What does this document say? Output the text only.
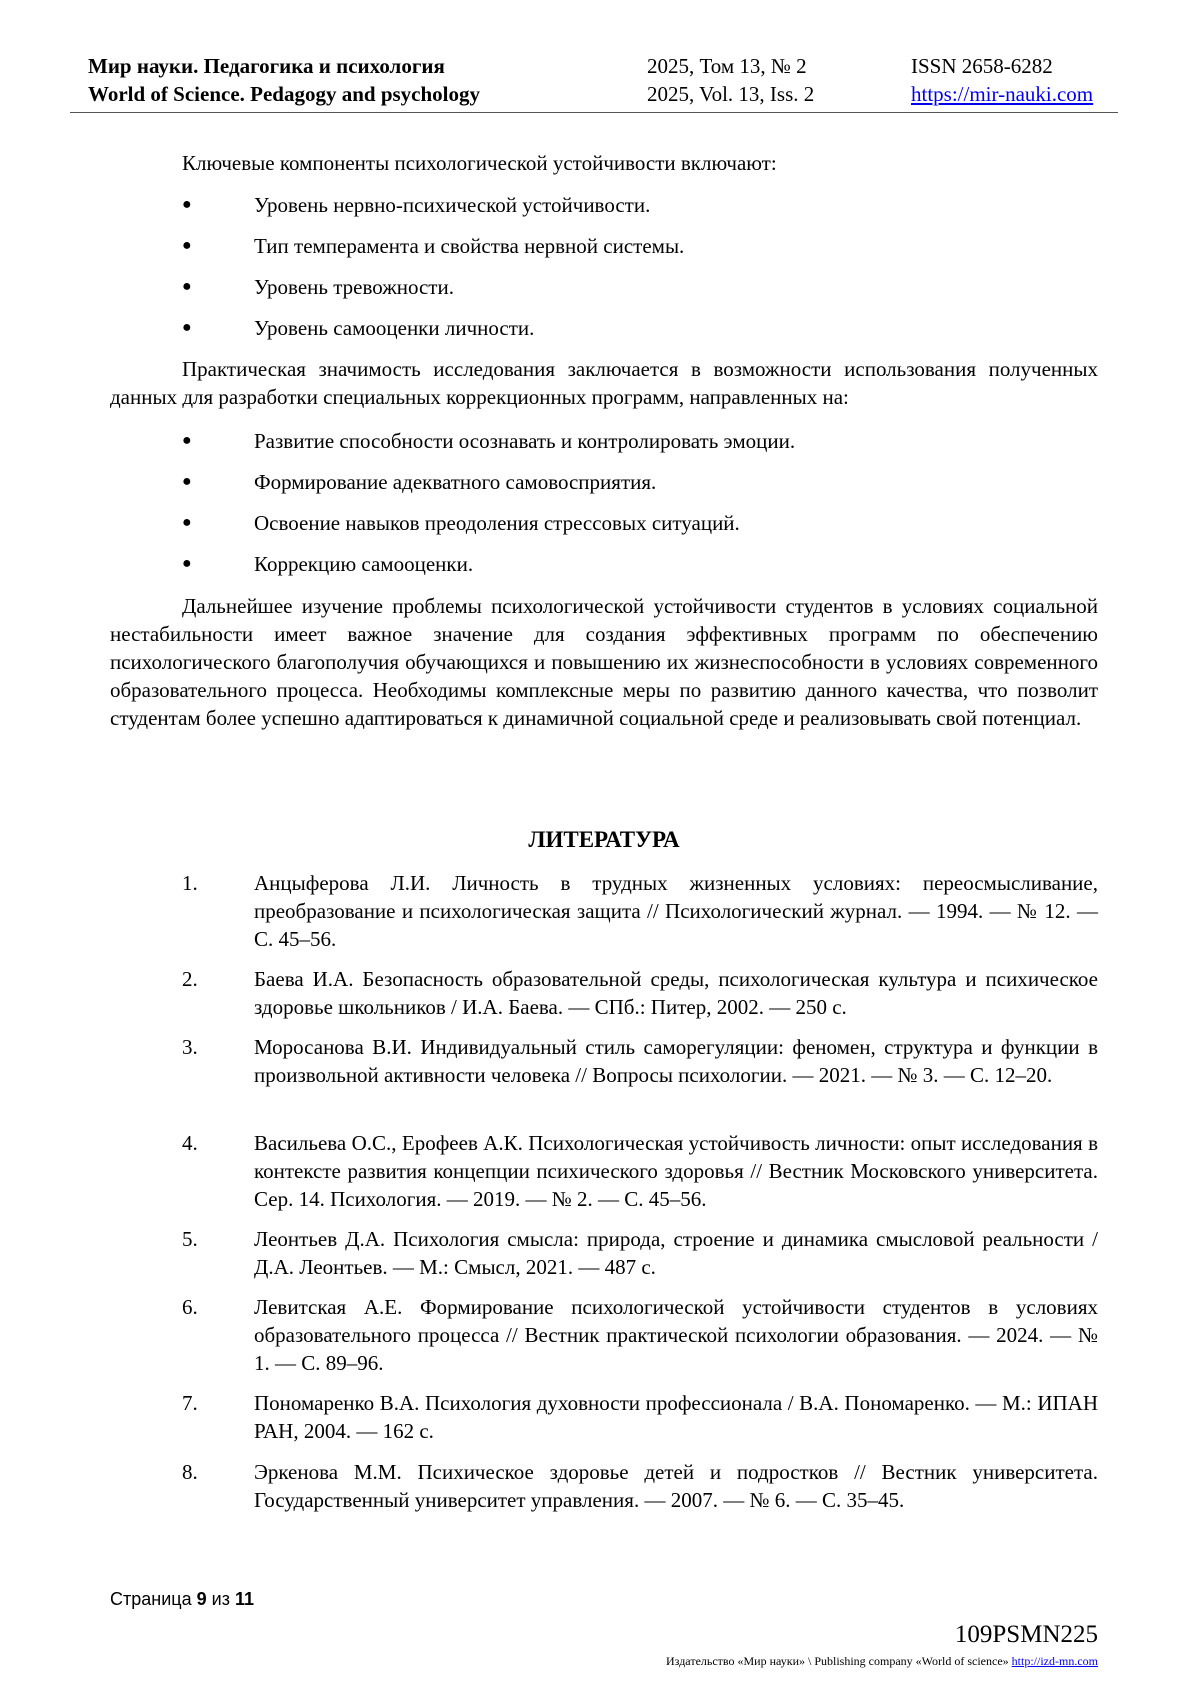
Мир науки. Педагогика и психология
World of Science. Pedagogy and psychology
2025, Том 13, № 2
2025, Vol. 13, Iss. 2
ISSN 2658-6282
https://mir-nauki.com
Ключевые компоненты психологической устойчивости включают:
●	Уровень нервно-психической устойчивости.
●	Тип темперамента и свойства нервной системы.
●	Уровень тревожности.
●	Уровень самооценки личности.
Практическая значимость исследования заключается в возможности использования полученных данных для разработки специальных коррекционных программ, направленных на:
●	Развитие способности осознавать и контролировать эмоции.
●	Формирование адекватного самовосприятия.
●	Освоение навыков преодоления стрессовых ситуаций.
●	Коррекцию самооценки.
Дальнейшее изучение проблемы психологической устойчивости студентов в условиях социальной нестабильности имеет важное значение для создания эффективных программ по обеспечению психологического благополучия обучающихся и повышению их жизнеспособности в условиях современного образовательного процесса. Необходимы комплексные меры по развитию данного качества, что позволит студентам более успешно адаптироваться к динамичной социальной среде и реализовывать свой потенциал.
ЛИТЕРАТУРА
1.	Анцыферова Л.И. Личность в трудных жизненных условиях: переосмысливание, преобразование и психологическая защита // Психологический журнал. — 1994. — № 12. — С. 45–56.
2.	Баева И.А. Безопасность образовательной среды, психологическая культура и психическое здоровье школьников / И.А. Баева. — СПб.: Питер, 2002. — 250 с.
3.	Моросанова В.И. Индивидуальный стиль саморегуляции: феномен, структура и функции в произвольной активности человека // Вопросы психологии. — 2021. — № 3. — С. 12–20.
4.	Васильева О.С., Ерофеев А.К. Психологическая устойчивость личности: опыт исследования в контексте развития концепции психического здоровья // Вестник Московского университета. Сер. 14. Психология. — 2019. — № 2. — С. 45–56.
5.	Леонтьев Д.А. Психология смысла: природа, строение и динамика смысловой реальности / Д.А. Леонтьев. — М.: Смысл, 2021. — 487 с.
6.	Левитская А.Е. Формирование психологической устойчивости студентов в условиях образовательного процесса // Вестник практической психологии образования. — 2024. — № 1. — С. 89–96.
7.	Пономаренко В.А. Психология духовности профессионала / В.А. Пономаренко. — М.: ИПАН РАН, 2004. — 162 с.
8.	Эркенова М.М. Психическое здоровье детей и подростков // Вестник университета. Государственный университет управления. — 2007. — № 6. — С. 35–45.
Страница 9 из 11
109PSMN225
Издательство «Мир науки» \ Publishing company «World of science» http://izd-mn.com
